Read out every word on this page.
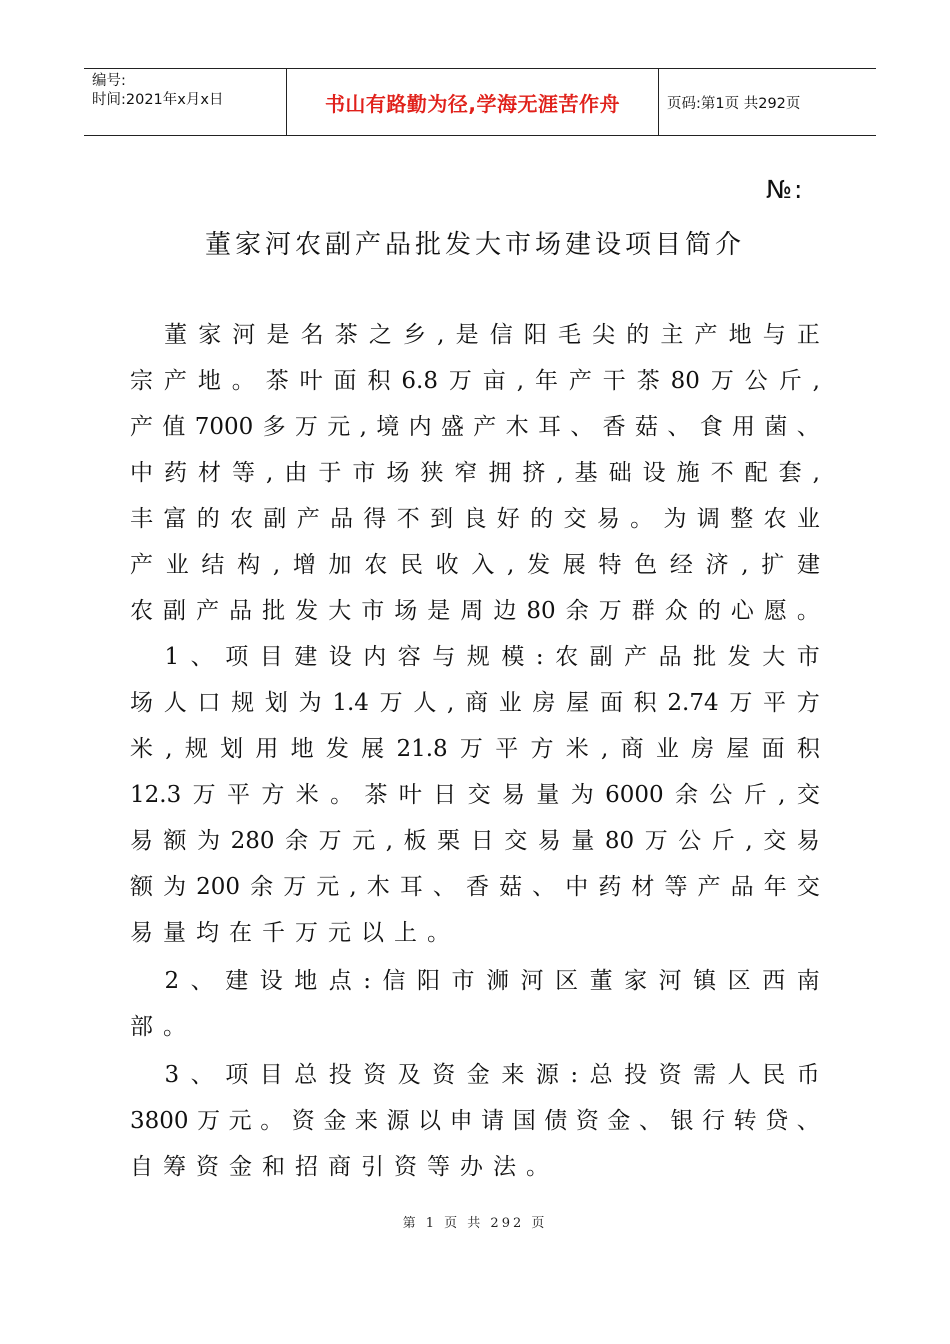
编号:
时间:2021年x月x日	书山有路勤为径,学海无涯苦作舟	页码:第1页 共292页
№:
董家河农副产品批发大市场建设项目简介

董 家 河 是 名 茶 之 乡 , 是 信 阳 毛 尖 的 主 产 地 与 正
宗 产 地 。 茶 叶 面 积 6.8 万 亩 , 年 产 干 茶 80 万 公 斤 ,
产 值 7000 多 万 元 , 境 内 盛 产 木 耳 、 香 菇 、 食 用 菌 、
中 药 材 等 , 由 于 市 场 狭 窄 拥 挤 , 基 础 设 施 不 配 套 ,
丰 富 的 农 副 产 品 得 不 到 良 好 的 交 易 。 为 调 整 农 业
产 业 结 构 , 增 加 农 民 收 入 , 发 展 特 色 经 济 , 扩 建
农 副 产 品 批 发 大 市 场 是 周 边 80 余 万 群 众 的 心 愿 。

1 、 项 目 建 设 内 容 与 规 模 : 农 副 产 品 批 发 大 市
场 人 口 规 划 为 1.4 万 人 , 商 业 房 屋 面 积 2.74 万 平 方
米 , 规 划 用 地 发 展 21.8 万 平 方 米 , 商 业 房 屋 面 积
12.3 万 平 方 米 。 茶 叶 日 交 易 量 为 6000 余 公 斤 , 交
易 额 为 280 余 万 元 , 板 栗 日 交 易 量 80 万 公 斤 , 交 易
额 为 200 余 万 元 , 木 耳 、 香 菇 、 中 药 材 等 产 品 年 交
易量均在千万元以上。

2 、 建 设 地 点 : 信 阳 市 浉 河 区 董 家 河 镇 区 西 南
部。

3 、 项 目 总 投 资 及 资 金 来 源 : 总 投 资 需 人 民 币
3800 万 元 。 资 金 来 源 以 申 请 国 债 资 金 、 银 行 转 贷 、
自筹资金和招商引资等办法。
第 1 页 共 292 页
